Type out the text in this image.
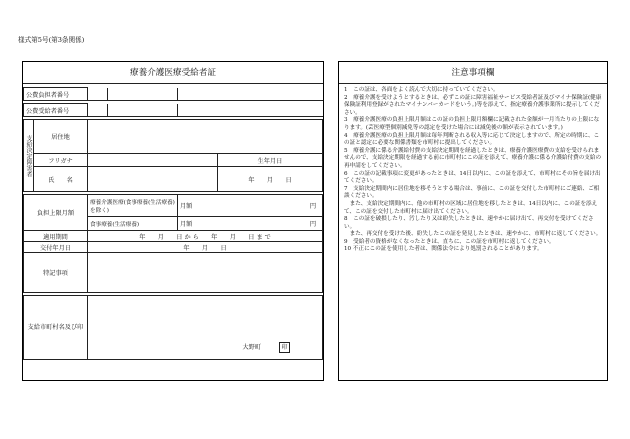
様式第5号(第3条関係)
療養介護医療受給者証
公費負担者番号						

公費受給者番号						

支給決定障害者	居住地					
	フリガナ				生年月日	
	氏　　名				年　　月　　日	

負担上限月額		療養介護医療(食事療養(生活療養)を除く)		月額 円		

		食事療養(生活療養)		月額 円		

適用期間		年　　月　　日 か ら　　年　　月　　日 ま で				
交付年月日		年　　月　　日				
特記事項						

支給市町村名及び印		大野町 印				
注意事項欄

1　この証は、各面をよく読んで大切に持っていてください。

2　療養介護を受けようとするときは、必ずこの証に障害福祉サービス受給者証及びマイナ保険証(健康保険証利用登録がされたマイナンバーカードをいう。)等を添えて、指定療養介護事業所に提示してください。

3　療養介護医療の負担上限月額はこの証の負担上限月額欄に記載された金額が一月当たりの上限になります。(芸医療型個別減免等の認定を受けた場合には減免後の額が表示されています。)

4　療養介護医療の負担上限月額は毎年判断される収入等に応じて決定しますので、所定の時期に、この証と認定に必要な関係書類を市町村に提出してください。

5　療養介護に係る介護給付費の支給決定期間を経過したときは、療養介護医療費の支給を受けられませんので、支給決定期限を経過する前に市町村にこの証を添えて、療養介護に係る介護給付費の支給の再申請をしてください。

6　この証の記載事項に変更があったときは、14日以内に、この証を添えて、市町村にその旨を届け出てください。

7　支給決定期間内に居住地を移そうとする場合は、事前に、この証を交付した市町村にご連絡、ご相談ください。

　また、支給決定期間内に、他の市町村の区域に居住地を移したときは、14日以内に、この証を添えて、この証を交付した市町村に届け出てください。

8　この証を破損したり、汚したり又は紛失したときは、速やかに届け出て、再交付を受けてください。

　また、再交付を受けた後、紛失したこの証を発見したときは、速やかに、市町村に返してください。

9　受給者の資格がなくなったときは、直ちに、この証を市町村に返してください。

10 不正にこの証を使用した者は、関係法令により処罰されることがあります。
